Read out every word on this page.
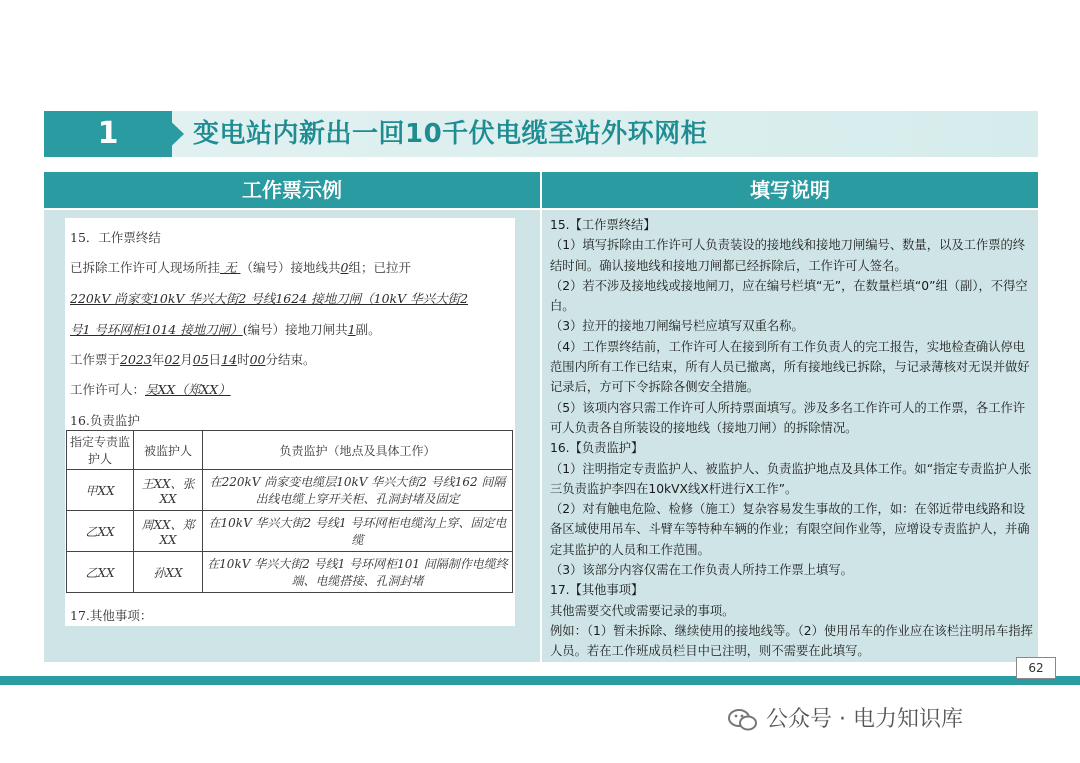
1	变电站内新出一回10千伏电缆至站外环网柜
工作票示例	填写说明
15．工作票终结
已拆除工作许可人现场所挂 无 （编号）接地线共0组；已拉开
220kV 尚家变10kV 华兴大街2 号线1624 接地刀闸（10kV 华兴大街2
号1 号环网柜1014 接地刀闸）(编号）接地刀闸共1副。
工作票于2023年02月05日14时00分结束。
工作许可人：吴XX（郑XX）
16.负责监护
指定专责监护人	被监护人	负责监护（地点及具体工作）
甲XX	王XX、张XX	在220kV 尚家变电缆层10kV 华兴大街2 号线162 间隔出线电缆上穿开关柜、孔洞封堵及固定
乙XX	周XX、郑XX	在10kV 华兴大街2 号线1 号环网柜电缆沟上穿、固定电缆
乙XX	孙XX	在10kV 华兴大街2 号线1 号环网柜101 间隔制作电缆终端、电缆搭接、孔洞封堵
17.其他事项：

15.【工作票终结】

（1）填写拆除由工作许可人负责装设的接地线和接地刀闸编号、数量，以及工作票的终结时间。确认接地线和接地刀闸都已经拆除后，工作许可人签名。

（2）若不涉及接地线或接地闸刀，应在编号栏填“无”，在数量栏填“0”组（副），不得空白。

（3）拉开的接地刀闸编号栏应填写双重名称。

（4）工作票终结前，工作许可人在接到所有工作负责人的完工报告，实地检查确认停电范围内所有工作已结束，所有人员已撤离，所有接地线已拆除，与记录薄核对无误并做好记录后，方可下令拆除各侧安全措施。

（5）该项内容只需工作许可人所持票面填写。涉及多名工作许可人的工作票，各工作许可人负责各自所装设的接地线（接地刀闸）的拆除情况。

16.【负责监护】

（1）注明指定专责监护人、被监护人、负责监护地点及具体工作。如“指定专责监护人张三负责监护李四在10kVX线X杆进行X工作”。

（2）对有触电危险、检修（施工）复杂容易发生事故的工作，如：在邻近带电线路和设备区域使用吊车、斗臂车等特种车辆的作业；有限空间作业等，应增设专责监护人，并确定其监护的人员和工作范围。

（3）该部分内容仅需在工作负责人所持工作票上填写。

17.【其他事项】

其他需要交代或需要记录的事项。

例如：（1）暂未拆除、继续使用的接地线等。（2）使用吊车的作业应在该栏注明吊车指挥人员。若在工作班成员栏目中已注明，则不需要在此填写。

62
公众号 · 电力知识库
